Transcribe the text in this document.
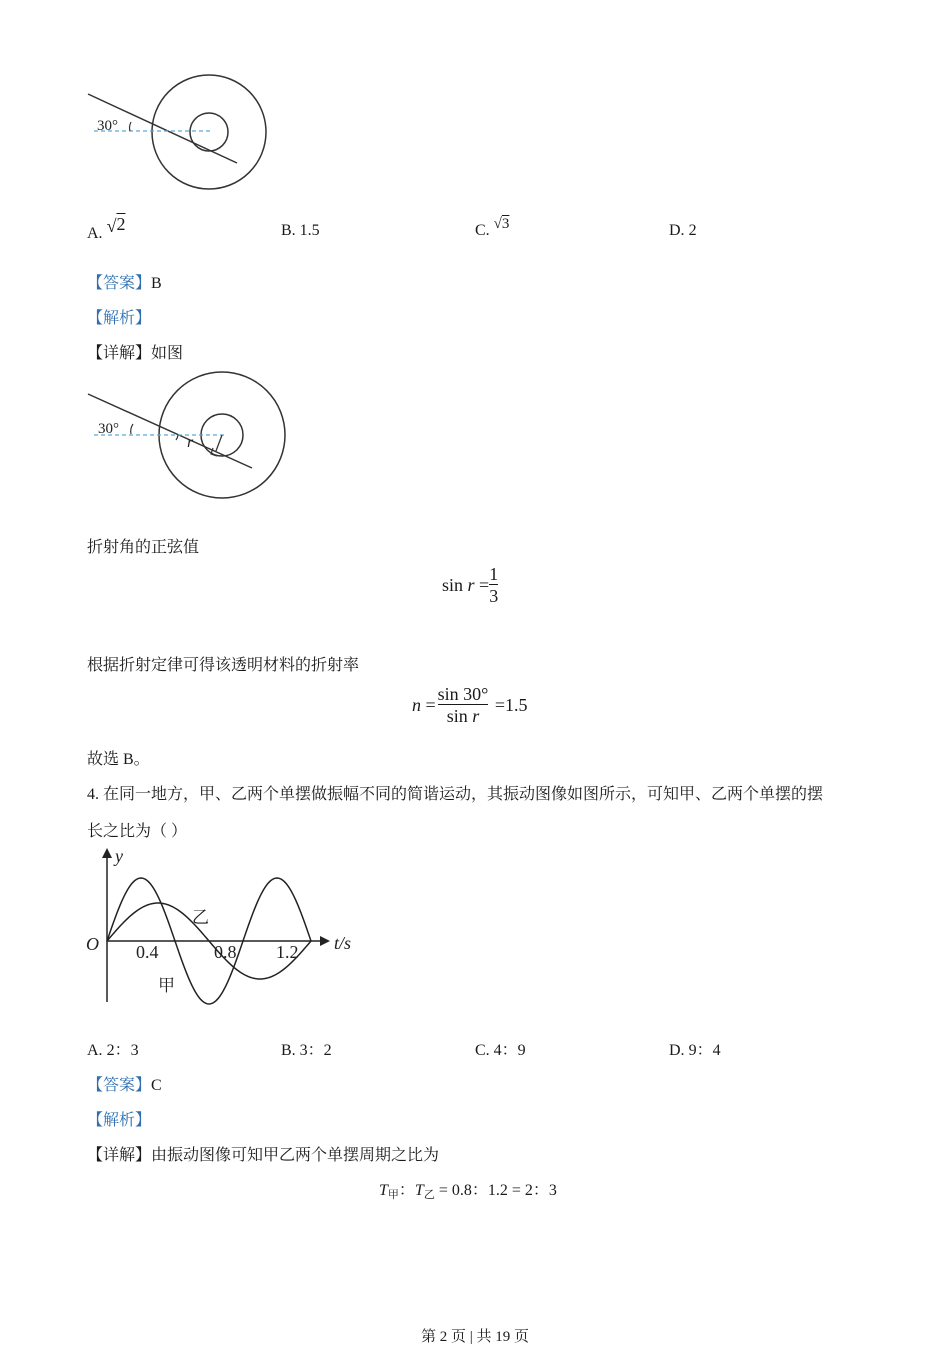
30°
A. √2	B. 1.5	C. √3	D. 2
【答案】B
【解析】
【详解】如图
30°
r
折射角的正弦值
$\sin r = \frac{1}{3}$
根据折射定律可得该透明材料的折射率
$n = \frac{\sin 30^\circ}{\text{sin r}} =1.5$
故选 B。
4. 在同一地方，甲、乙两个单摆做振幅不同的简谐运动，其振动图像如图所示，可知甲、乙两个单摆的摆
长之比为（ ）
y
O	t/s
0.4	0.8 1.2
乙
甲
A. 2：3	B. 3：2	C. 4：9	D. 9：4
【答案】C
【解析】
【详解】由振动图像可知甲乙两个单摆周期之比为
T甲：T乙 = 0.8：1.2 = 2：3
第 2 页 | 共 19 页
